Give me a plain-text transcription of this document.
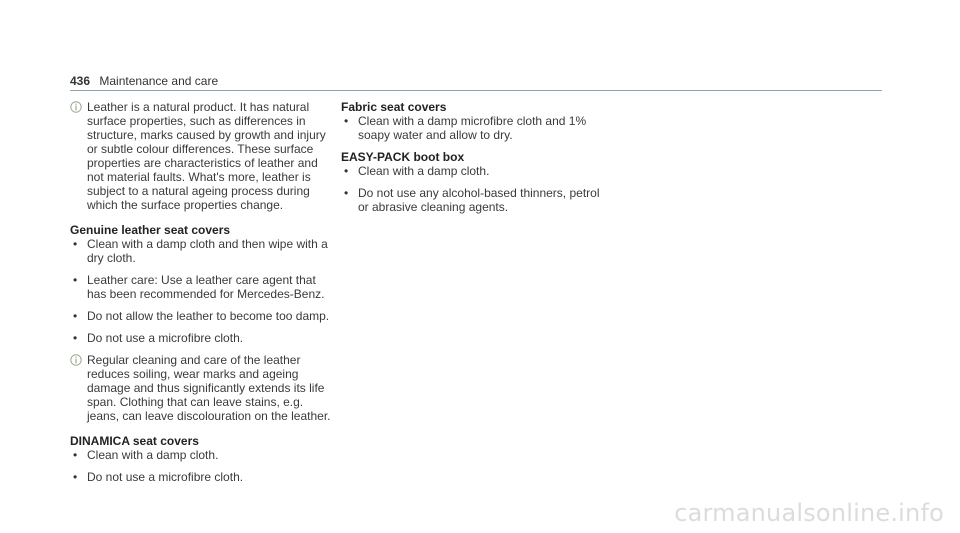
436 Maintenance and care

Leather is a natural product. It has natural surface properties, such as differences in structure, marks caused by growth and injury or subtle colour differences. These surface properties are characteristics of leather and not material faults. What's more, leather is subject to a natural ageing process during which the surface properties change.

Genuine leather seat covers
• Clean with a damp cloth and then wipe with a dry cloth.
• Leather care: Use a leather care agent that has been recommended for Mercedes-Benz.
• Do not allow the leather to become too damp.
• Do not use a microfibre cloth.

Regular cleaning and care of the leather reduces soiling, wear marks and ageing damage and thus significantly extends its life span. Clothing that can leave stains, e.g. jeans, can leave discolouration on the leather.

DINAMICA seat covers
• Clean with a damp cloth.
• Do not use a microfibre cloth.
Fabric seat covers
• Clean with a damp microfibre cloth and 1% soapy water and allow to dry.
EASY-PACK boot box
• Clean with a damp cloth.
• Do not use any alcohol-based thinners, petrol or abrasive cleaning agents.
carmanualsonline.info
